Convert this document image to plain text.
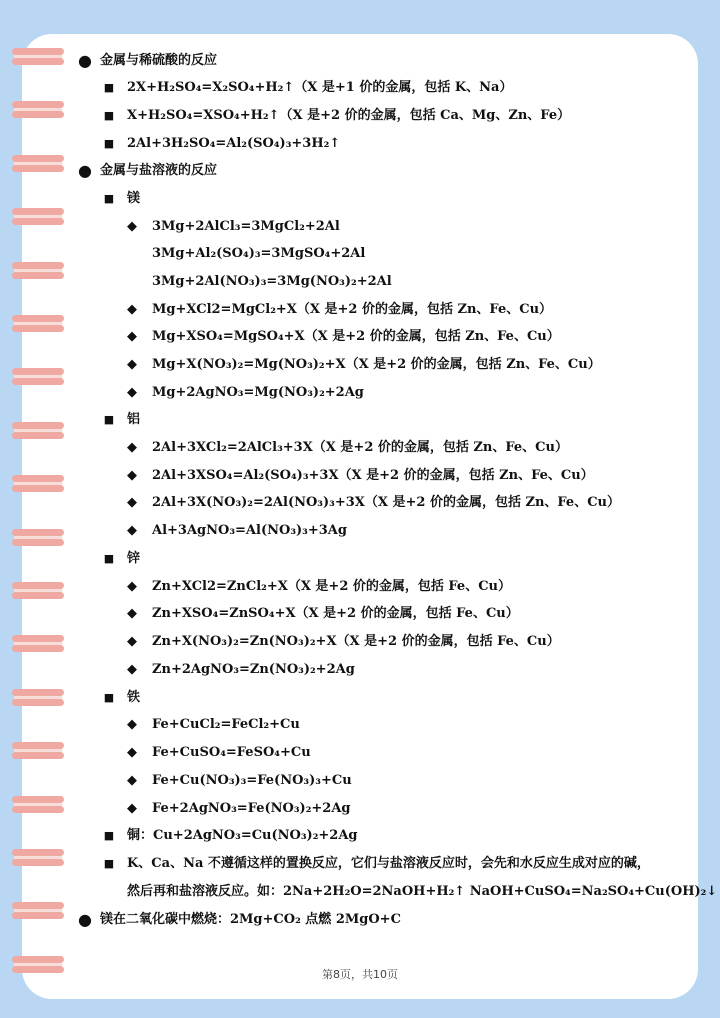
● 金属与稀硫酸的反应
■ 2X+H₂SO₄=X₂SO₄+H₂↑（X 是+1 价的金属，包括 K、Na）
■ X+H₂SO₄=XSO₄+H₂↑（X 是+2 价的金属，包括 Ca、Mg、Zn、Fe）
■ 2Al+3H₂SO₄=Al₂(SO₄)₃+3H₂↑
● 金属与盐溶液的反应
■ 镁
◆ 3Mg+2AlCl₃=3MgCl₂+2Al
3Mg+Al₂(SO₄)₃=3MgSO₄+2Al
3Mg+2Al(NO₃)₃=3Mg(NO₃)₂+2Al
◆ Mg+XCl2=MgCl₂+X（X 是+2 价的金属，包括 Zn、Fe、Cu）
◆ Mg+XSO₄=MgSO₄+X（X 是+2 价的金属，包括 Zn、Fe、Cu）
◆ Mg+X(NO₃)₂=Mg(NO₃)₂+X（X 是+2 价的金属，包括 Zn、Fe、Cu）
◆ Mg+2AgNO₃=Mg(NO₃)₂+2Ag
■ 铝
◆ 2Al+3XCl₂=2AlCl₃+3X（X 是+2 价的金属，包括 Zn、Fe、Cu）
◆ 2Al+3XSO₄=Al₂(SO₄)₃+3X（X 是+2 价的金属，包括 Zn、Fe、Cu）
◆ 2Al+3X(NO₃)₂=2Al(NO₃)₃+3X（X 是+2 价的金属，包括 Zn、Fe、Cu）
◆ Al+3AgNO₃=Al(NO₃)₃+3Ag
■ 锌
◆ Zn+XCl2=ZnCl₂+X（X 是+2 价的金属，包括 Fe、Cu）
◆ Zn+XSO₄=ZnSO₄+X（X 是+2 价的金属，包括 Fe、Cu）
◆ Zn+X(NO₃)₂=Zn(NO₃)₂+X（X 是+2 价的金属，包括 Fe、Cu）
◆ Zn+2AgNO₃=Zn(NO₃)₂+2Ag
■ 铁
◆ Fe+CuCl₂=FeCl₂+Cu
◆ Fe+CuSO₄=FeSO₄+Cu
◆ Fe+Cu(NO₃)₃=Fe(NO₃)₃+Cu
◆ Fe+2AgNO₃=Fe(NO₃)₂+2Ag
■ 铜：Cu+2AgNO₃=Cu(NO₃)₂+2Ag
■ K、Ca、Na 不遵循这样的置换反应，它们与盐溶液反应时，会先和水反应生成对应的碱，
然后再和盐溶液反应。如：2Na+2H₂O=2NaOH+H₂↑ NaOH+CuSO₄=Na₂SO₄+Cu(OH)₂↓
● 镁在二氧化碳中燃烧：2Mg+CO₂ 点燃 2MgO+C
第8页，共10页
